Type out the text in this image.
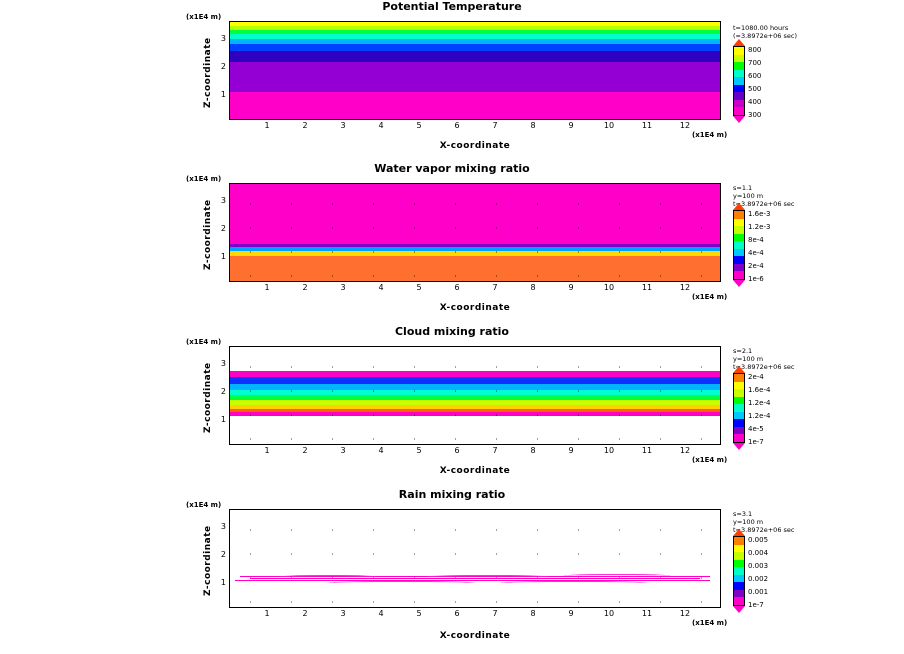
Potential Temperature
(x1E4 m)
Z-coordinate 1
2
3
1	2	3	4	5	6	7	8	9	10	11	12
(x1E4 m)
X-coordinate
t=1080.00 hours
(=3.8972e+06 sec)
800
700
600
500
400
300
Water vapor mixing ratio
(x1E4 m)
Z-coordinate 1
2
3
1	2	3	4	5	6	7	8	9	10	11	12
(x1E4 m)
X-coordinate
s=1.1
y=100 m
t=3.8972e+06 sec
1.6e-3
1.2e-3
8e-4
4e-4
2e-4
1e-6
Cloud mixing ratio
(x1E4 m)
Z-coordinate 1
2
3
1	2	3	4	5	6	7	8	9	10	11	12
(x1E4 m)
X-coordinate
s=2.1
y=100 m
t=3.8972e+06 sec
2e-4
1.6e-4
1.2e-4
1.2e-4
4e-5
1e-7
Rain mixing ratio
(x1E4 m)
Z-coordinate 1
2
3
1	2	3	4	5	6	7	8	9	10	11	12
(x1E4 m)
X-coordinate
s=3.1
y=100 m
t=3.8972e+06 sec
0.005
0.004
0.003
0.002
0.001
1e-7
